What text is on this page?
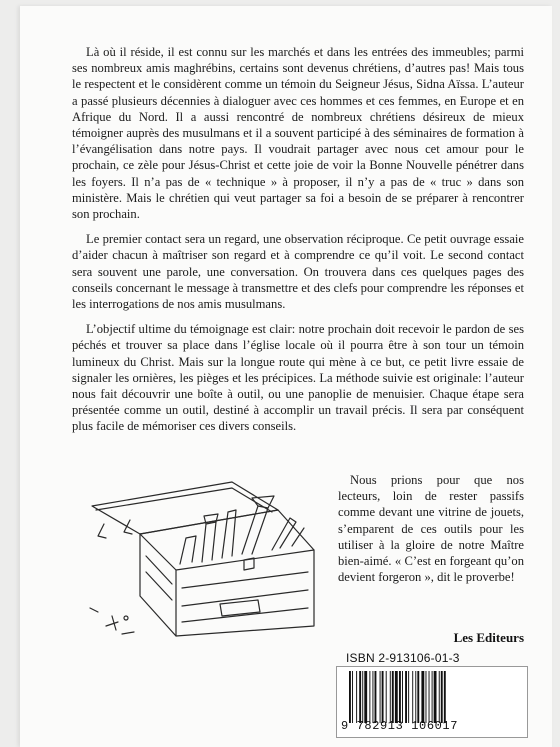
Là où il réside, il est connu sur les marchés et dans les entrées des immeubles; parmi ses nombreux amis maghrébins, certains sont devenus chrétiens, d’autres pas! Mais tous le respectent et le considèrent comme un témoin du Seigneur Jésus, Sidna Aïssa. L’auteur a passé plusieurs décennies à dialoguer avec ces hommes et ces femmes, en Europe et en Afrique du Nord. Il a aussi rencontré de nombreux chrétiens désireux de mieux témoigner auprès des musulmans et il a souvent participé à des séminaires de formation à l’évangélisation dans notre pays. Il voudrait partager avec nous cet amour pour le prochain, ce zèle pour Jésus-Christ et cette joie de voir la Bonne Nouvelle pénétrer dans les foyers. Il n’a pas de « technique » à proposer, il n’y a pas de « truc » dans son ministère. Mais le chrétien qui veut partager sa foi a besoin de se préparer à rencontrer son prochain.

Le premier contact sera un regard, une observation réciproque. Ce petit ouvrage essaie d’aider chacun à maîtriser son regard et à comprendre ce qu’il voit. Le second contact sera souvent une parole, une conversation. On trouvera dans ces quelques pages des conseils concernant le message à transmettre et des clefs pour comprendre les réponses et les interrogations de nos amis musulmans.

L’objectif ultime du témoignage est clair: notre prochain doit recevoir le pardon de ses péchés et trouver sa place dans l’église locale où il pourra être à son tour un témoin lumineux du Christ. Mais sur la longue route qui mène à ce but, ce petit livre essaie de signaler les ornières, les pièges et les précipices. La méthode suivie est originale: l’auteur nous fait découvrir une boîte à outil, ou une panoplie de menuisier. Chaque étape sera présentée comme un outil, destiné à accomplir un travail précis. Il sera par conséquent plus facile de mémoriser ces divers conseils.

Nous prions pour que nos lecteurs, loin de rester passifs comme devant une vitrine de jouets, s’emparent de ces outils pour les utiliser à la gloire de notre Maître bien-aimé. « C’est en forgeant qu’on devient forgeron », dit le proverbe!

Les Editeurs
ISBN 2-913106-01-3
9 782913 106017
